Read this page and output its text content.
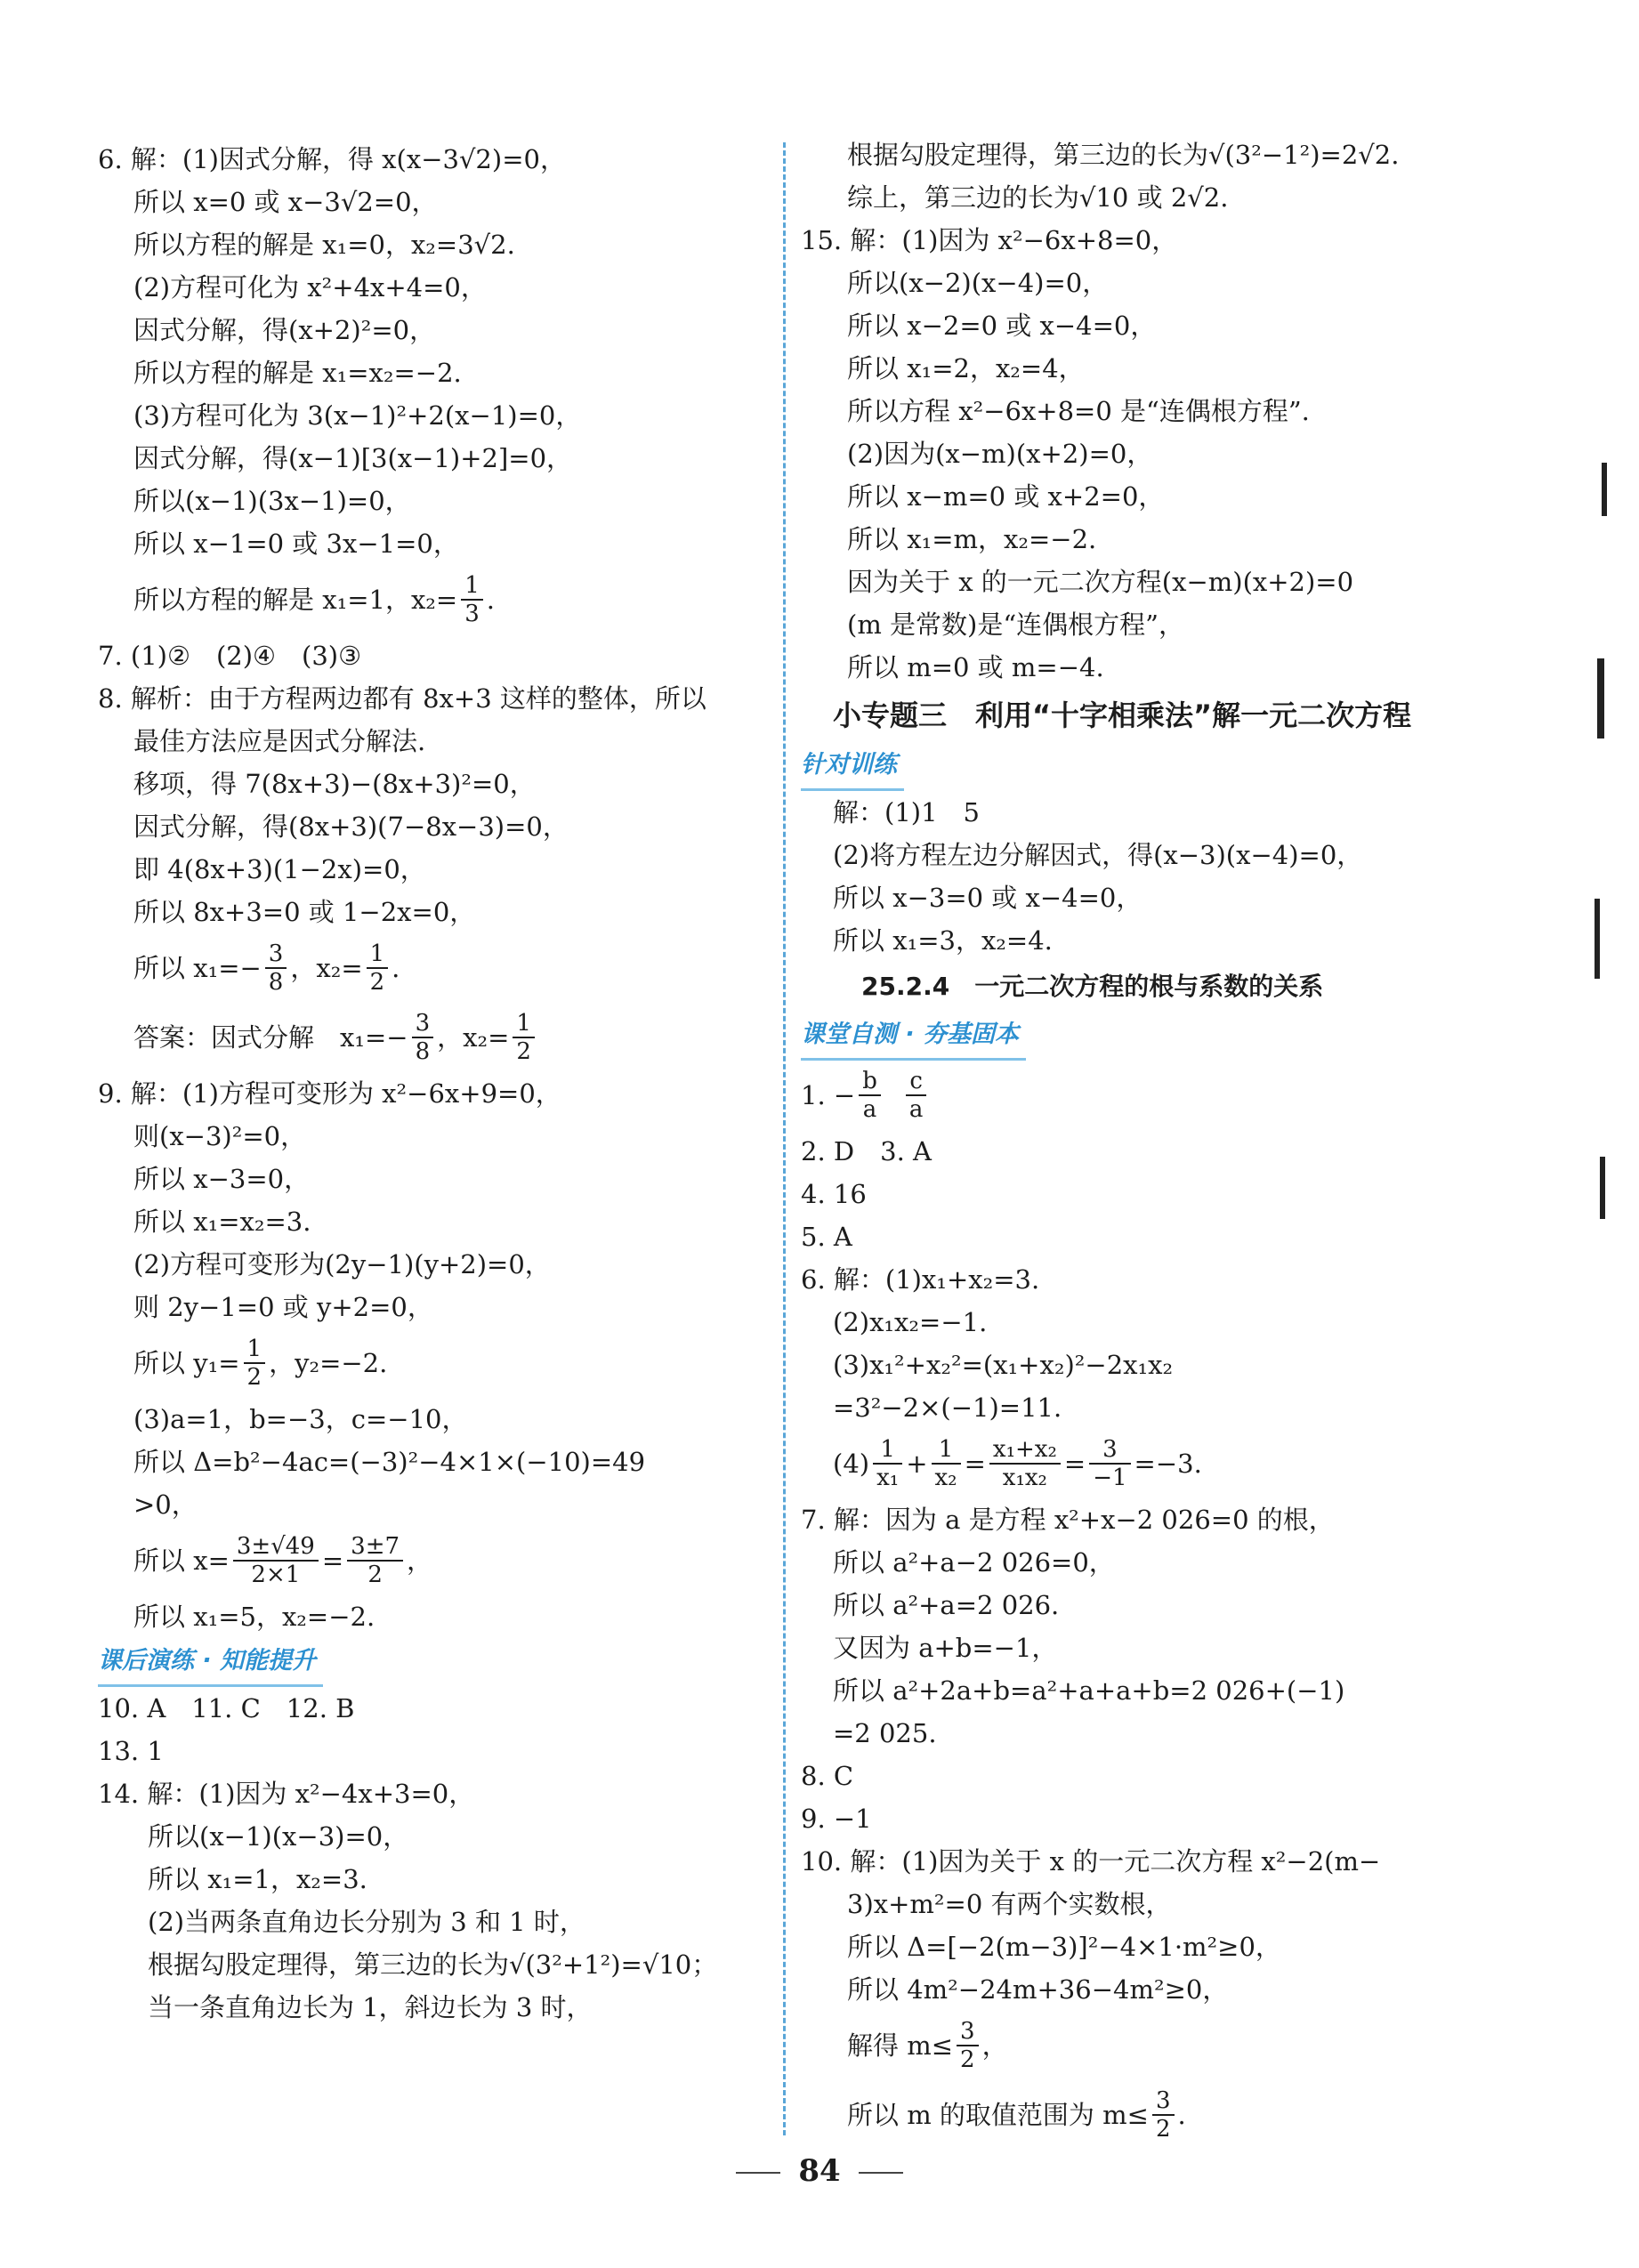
6. 解：(1)因式分解，得 x(x−3√2)=0，
所以 x=0 或 x−3√2=0，
所以方程的解是 x₁=0，x₂=3√2.
(2)方程可化为 x²+4x+4=0，
因式分解，得(x+2)²=0，
所以方程的解是 x₁=x₂=−2.
(3)方程可化为 3(x−1)²+2(x−1)=0，
因式分解，得(x−1)[3(x−1)+2]=0，
所以(x−1)(3x−1)=0，
所以 x−1=0 或 3x−1=0，
所以方程的解是 x₁=1，$x_2= \frac{1}{3}$ .
7. (1)②　(2)④　(3)③
8. 解析：由于方程两边都有 8x+3 这样的整体，所以
最佳方法应是因式分解法.
移项，得 7(8x+3)−(8x+3)²=0，
因式分解，得(8x+3)(7−8x−3)=0，
即 4(8x+3)(1−2x)=0，
所以 8x+3=0 或 1−2x=0，
所以 $x_1=- \frac{3}{8}$ ，$x_2= \frac{1}{2}$ .
答案：因式分解　$x_1=- \frac{3}{8}$ ，$x_2= \frac{1}{2}$
9. 解：(1)方程可变形为 x²−6x+9=0，
则(x−3)²=0，
所以 x−3=0，
所以 x₁=x₂=3.
(2)方程可变形为(2y−1)(y+2)=0，
则 2y−1=0 或 y+2=0，
所以 $y_1= \frac{1}{2}$ ，y₂=−2.
(3)a=1，b=−3，c=−10，
所以 Δ=b²−4ac=(−3)²−4×1×(−10)=49
>0，
所以 $x= \frac{3\pm√49}{2\times 1} = \frac{3\pm 7}{2}$ ，
所以 x₁=5，x₂=−2.
课后演练 · 知能提升
10. A　11. C　12. B
13. 1
14. 解：(1)因为 x²−4x+3=0，
所以(x−1)(x−3)=0，
所以 x₁=1，x₂=3.
(2)当两条直角边长分别为 3 和 1 时，
根据勾股定理得，第三边的长为√(3²+1²)=√10；
当一条直角边长为 1，斜边长为 3 时，
根据勾股定理得，第三边的长为√(3²−1²)=2√2.
综上，第三边的长为√10 或 2√2.
15. 解：(1)因为 x²−6x+8=0，
所以(x−2)(x−4)=0，
所以 x−2=0 或 x−4=0，
所以 x₁=2，x₂=4，
所以方程 x²−6x+8=0 是“连偶根方程”.
(2)因为(x−m)(x+2)=0，
所以 x−m=0 或 x+2=0，
所以 x₁=m，x₂=−2.
因为关于 x 的一元二次方程(x−m)(x+2)=0
(m 是常数)是“连偶根方程”，
所以 m=0 或 m=−4.
小专题三　利用“十字相乘法”解一元二次方程
针对训练
解：(1)1　5
(2)将方程左边分解因式，得(x−3)(x−4)=0，
所以 x−3=0 或 x−4=0，
所以 x₁=3，x₂=4.
25.2.4　一元二次方程的根与系数的关系
课堂自测 · 夯基固本
1. − $\frac{b}{a} \frac{c}{a}$
2. D　3. A
4. 16
5. A
6. 解：(1)x₁+x₂=3.
(2)x₁x₂=−1.
(3)x₁²+x₂²=(x₁+x₂)²−2x₁x₂
=3²−2×(−1)=11.
$(4) \frac{1}{\text{x₁}} + \frac{1}{\text{x₂}} = \frac{\text{x₁+x₂}}{\text{x₁x₂}} = \frac{3}{-1} =-3$.
7. 解：因为 a 是方程 x²+x−2 026=0 的根，
所以 a²+a−2 026=0，
所以 a²+a=2 026.
又因为 a+b=−1，
所以 a²+2a+b=a²+a+a+b=2 026+(−1)
=2 025.
8. C
9. −1
10. 解：(1)因为关于 x 的一元二次方程 x²−2(m−
3)x+m²=0 有两个实数根，
所以 Δ=[−2(m−3)]²−4×1·m²≥0，
所以 4m²−24m+36−4m²≥0，
解得 $m\le \frac{3}{2}$ ，
所以 m 的取值范围为 $m\le \frac{3}{2}$ .
84
